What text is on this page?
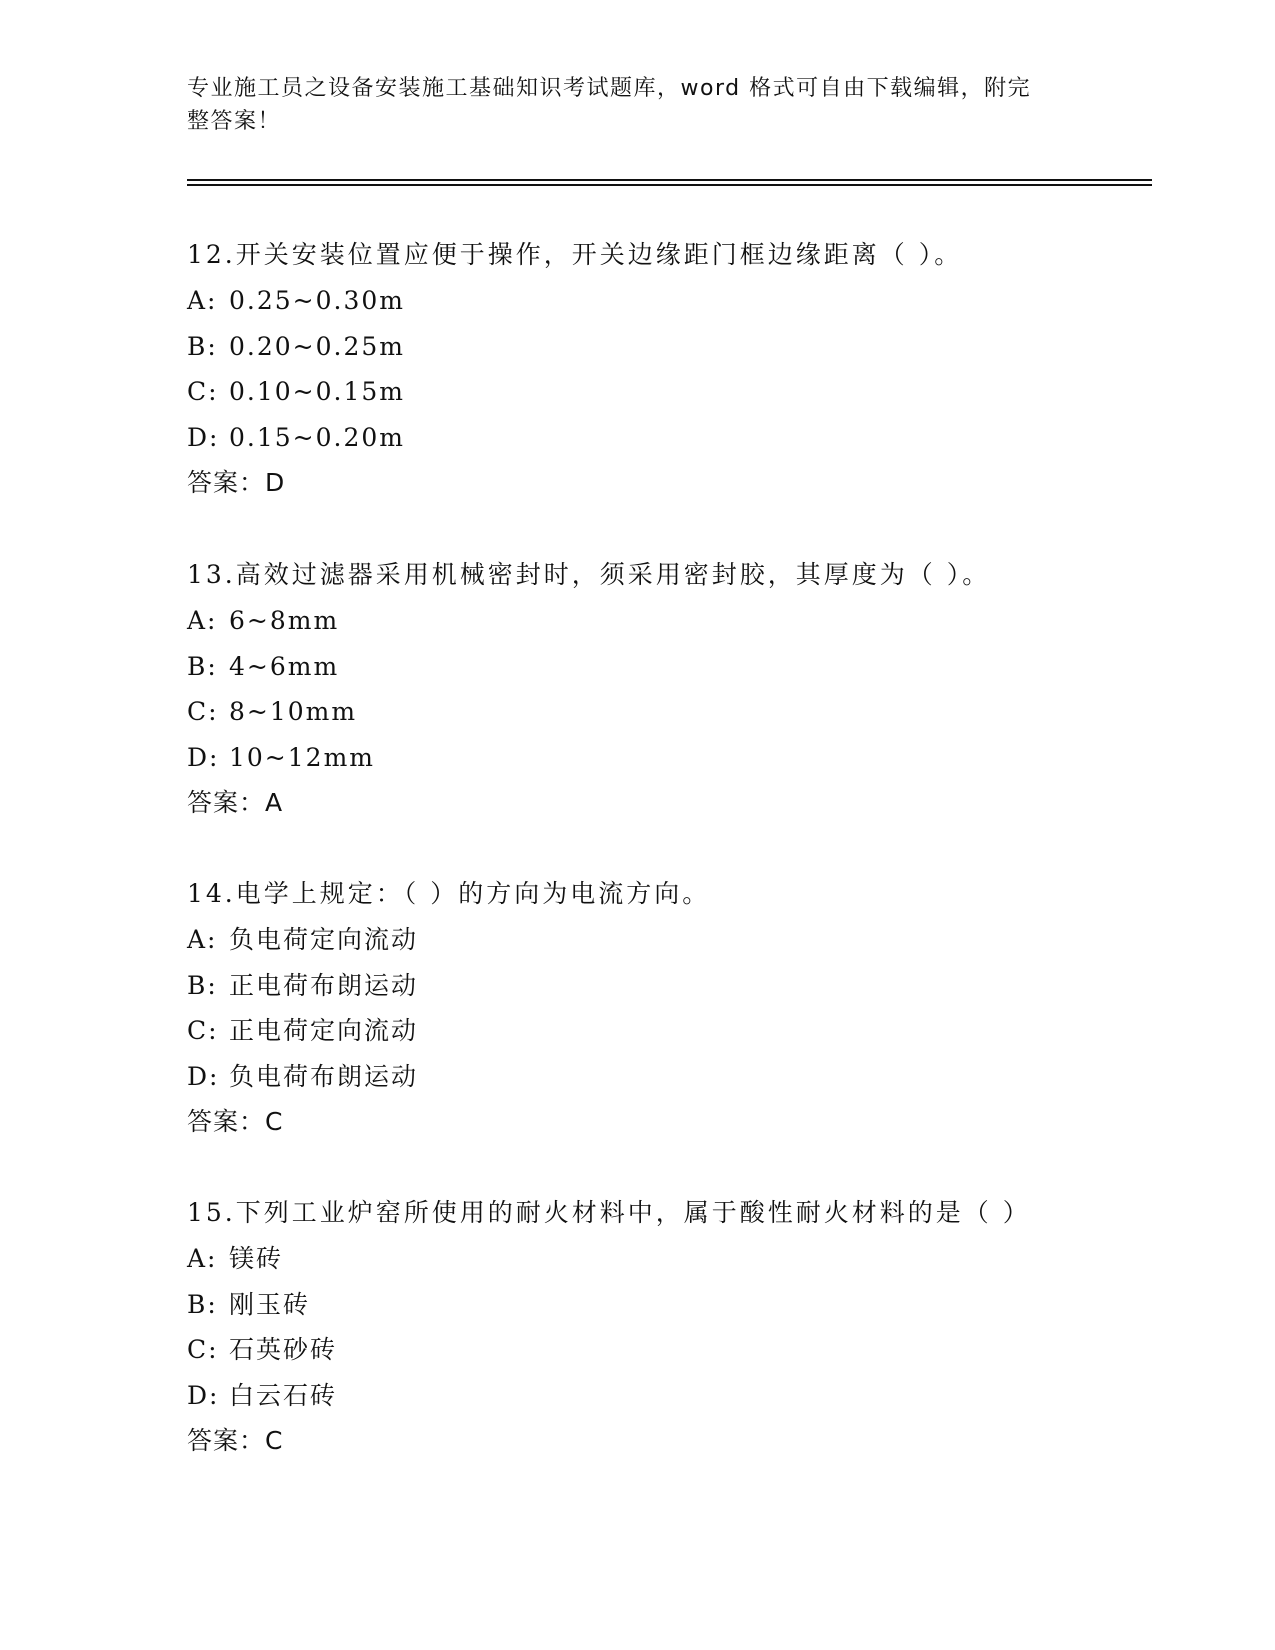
专业施工员之设备安装施工基础知识考试题库，word 格式可自由下载编辑，附完
整答案！
12.开关安装位置应便于操作，开关边缘距门框边缘距离（ ）。
A: 0.25~0.30m
B: 0.20~0.25m
C: 0.10~0.15m
D: 0.15~0.20m
答案：D
13.高效过滤器采用机械密封时，须采用密封胶，其厚度为（ ）。
A: 6~8mm
B: 4~6mm
C: 8~10mm
D: 10~12mm
答案：A
14.电学上规定：（ ）的方向为电流方向。
A: 负电荷定向流动
B: 正电荷布朗运动
C: 正电荷定向流动
D: 负电荷布朗运动
答案：C
15.下列工业炉窑所使用的耐火材料中，属于酸性耐火材料的是（ ）
A: 镁砖
B: 刚玉砖
C: 石英砂砖
D: 白云石砖
答案：C
